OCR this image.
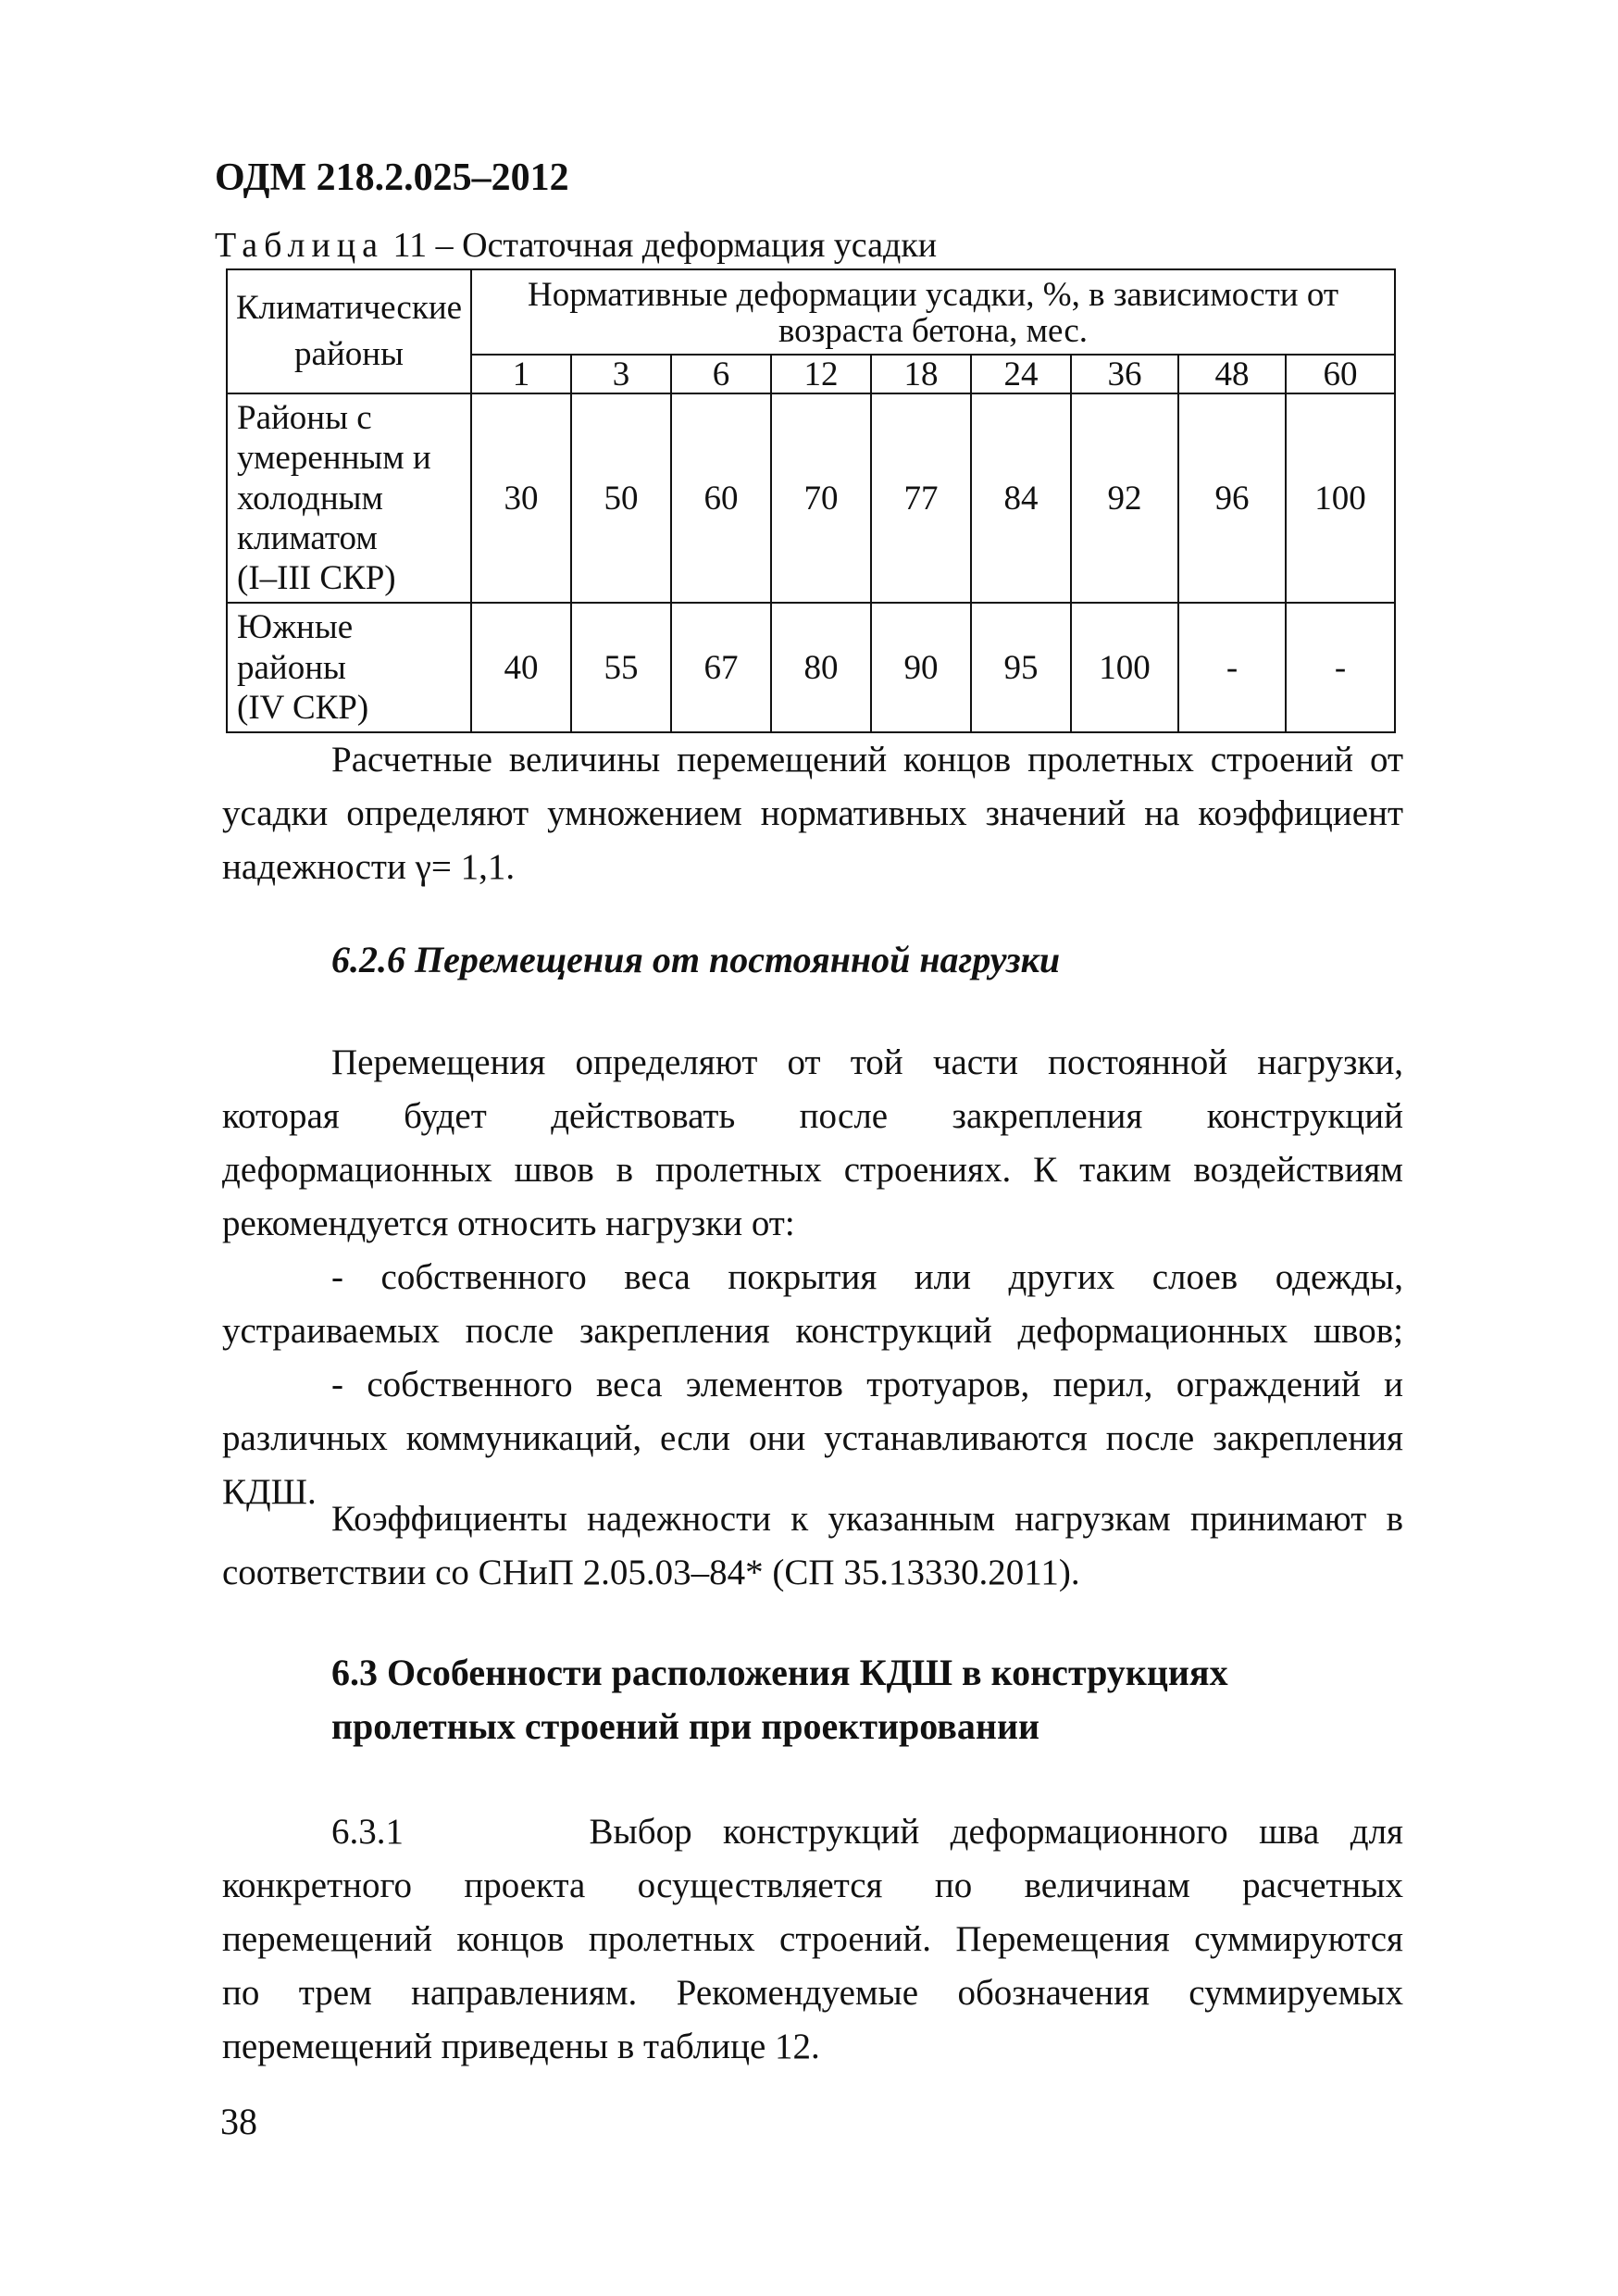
ОДМ 218.2.025–2012
Таблица 11 – Остаточная деформация усадки
Климатические районы	Нормативные деформации усадки, %, в зависимости от возраста бетона, мес.								
	1	3	6	12	18	24	36	48	60

Районы с
умеренным и
холодным
климатом
(I–III СКР)	30	50	60	70	77	84	92	96	100

Южные
районы
(IV СКР)	40	55	67	80	90	95	100	-	-

Расчетные величины перемещений концов пролетных строений от
усадки определяют умножением нормативных значений на коэффициент
надежности γ= 1,1.

6.2.6 Перемещения от постоянной нагрузки

Перемещения определяют от той части постоянной нагрузки,
которая будет действовать после закрепления конструкций
деформационных швов в пролетных строениях. К таким воздействиям
рекомендуется относить нагрузки от:

- собственного веса покрытия или других слоев одежды,
устраиваемых после закрепления конструкций деформационных швов;

- собственного веса элементов тротуаров, перил, ограждений и
различных коммуникаций, если они устанавливаются после закрепления
КДШ.

Коэффициенты надежности к указанным нагрузкам принимают в
соответствии со СНиП 2.05.03–84* (СП 35.13330.2011).

6.3 Особенности расположения КДШ в конструкциях
пролетных строений при проектировании

6.3.1      Выбор конструкций деформационного шва для
конкретного проекта осуществляется по величинам расчетных
перемещений концов пролетных строений. Перемещения суммируются
по трем направлениям. Рекомендуемые обозначения суммируемых
перемещений приведены в таблице 12.

38
